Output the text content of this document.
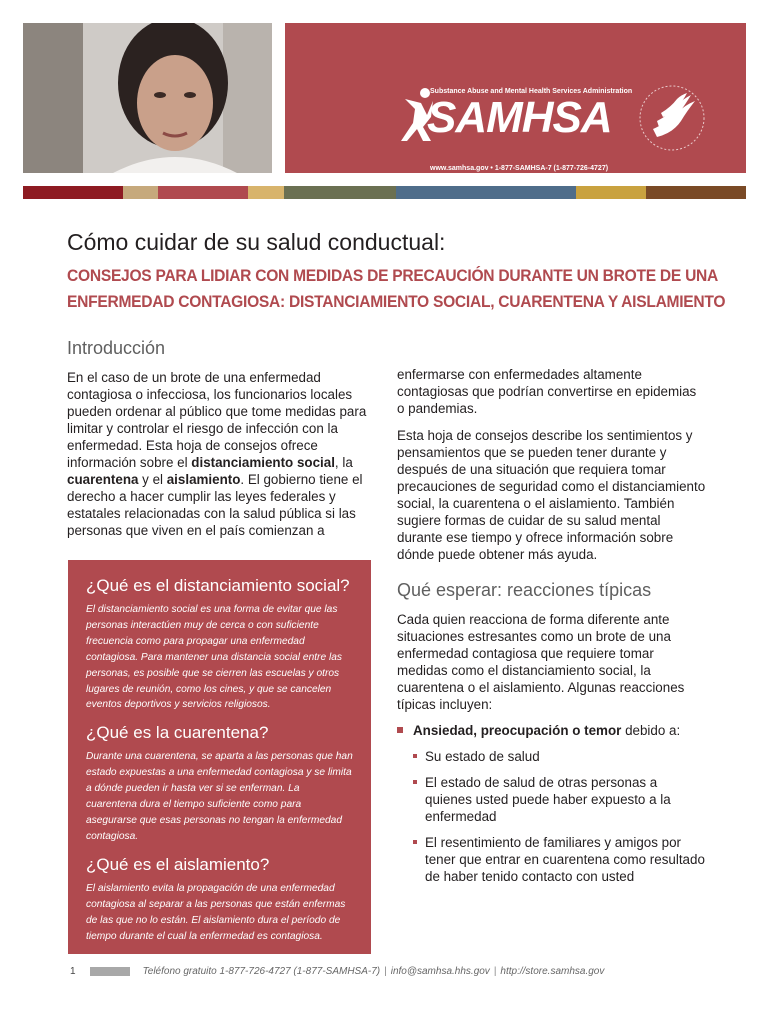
Substance Abuse and Mental Health Services Administration
SAMHSA
www.samhsa.gov • 1-877-SAMHSA-7 (1-877-726-4727)
Cómo cuidar de su salud conductual:
CONSEJOS PARA LIDIAR CON MEDIDAS DE PRECAUCIÓN DURANTE UN BROTE DE UNA
ENFERMEDAD CONTAGIOSA: DISTANCIAMIENTO SOCIAL, CUARENTENA Y AISLAMIENTO
Introducción

En el caso de un brote de una enfermedad contagiosa o infecciosa, los funcionarios locales pueden ordenar al público que tome medidas para limitar y controlar el riesgo de infección con la enfermedad. Esta hoja de consejos ofrece información sobre el distanciamiento social, la cuarentena y el aislamiento. El gobierno tiene el derecho a hacer cumplir las leyes federales y estatales relacionadas con la salud pública si las personas que viven en el país comienzan a

¿Qué es el distanciamiento social?

El distanciamiento social es una forma de evitar que las personas interactúen muy de cerca o con suficiente frecuencia como para propagar una enfermedad contagiosa. Para mantener una distancia social entre las personas, es posible que se cierren las escuelas y otros lugares de reunión, como los cines, y que se cancelen eventos deportivos y servicios religiosos.

¿Qué es la cuarentena?

Durante una cuarentena, se aparta a las personas que han estado expuestas a una enfermedad contagiosa y se limita a dónde pueden ir hasta ver si se enferman. La cuarentena dura el tiempo suficiente como para asegurarse que esas personas no tengan la enfermedad contagiosa.

¿Qué es el aislamiento?

El aislamiento evita la propagación de una enfermedad contagiosa al separar a las personas que están enfermas de las que no lo están. El aislamiento dura el período de tiempo durante el cual la enfermedad es contagiosa.

enfermarse con enfermedades altamente contagiosas que podrían convertirse en epidemias o pandemias.

Esta hoja de consejos describe los sentimientos y pensamientos que se pueden tener durante y después de una situación que requiera tomar precauciones de seguridad como el distanciamiento social, la cuarentena o el aislamiento. También sugiere formas de cuidar de su salud mental durante ese tiempo y ofrece información sobre dónde puede obtener más ayuda.

Qué esperar: reacciones típicas

Cada quien reacciona de forma diferente ante situaciones estresantes como un brote de una enfermedad contagiosa que requiere tomar medidas como el distanciamiento social, la cuarentena o el aislamiento. Algunas reacciones típicas incluyen:

Ansiedad, preocupación o temor debido a:
Su estado de salud
El estado de salud de otras personas a quienes usted puede haber expuesto a la enfermedad
El resentimiento de familiares y amigos por tener que entrar en cuarentena como resultado de haber tenido contacto con usted
1	Teléfono gratuito 1-877-726-4727 (1-877-SAMHSA-7) | info@samhsa.hhs.gov | http://store.samhsa.gov
